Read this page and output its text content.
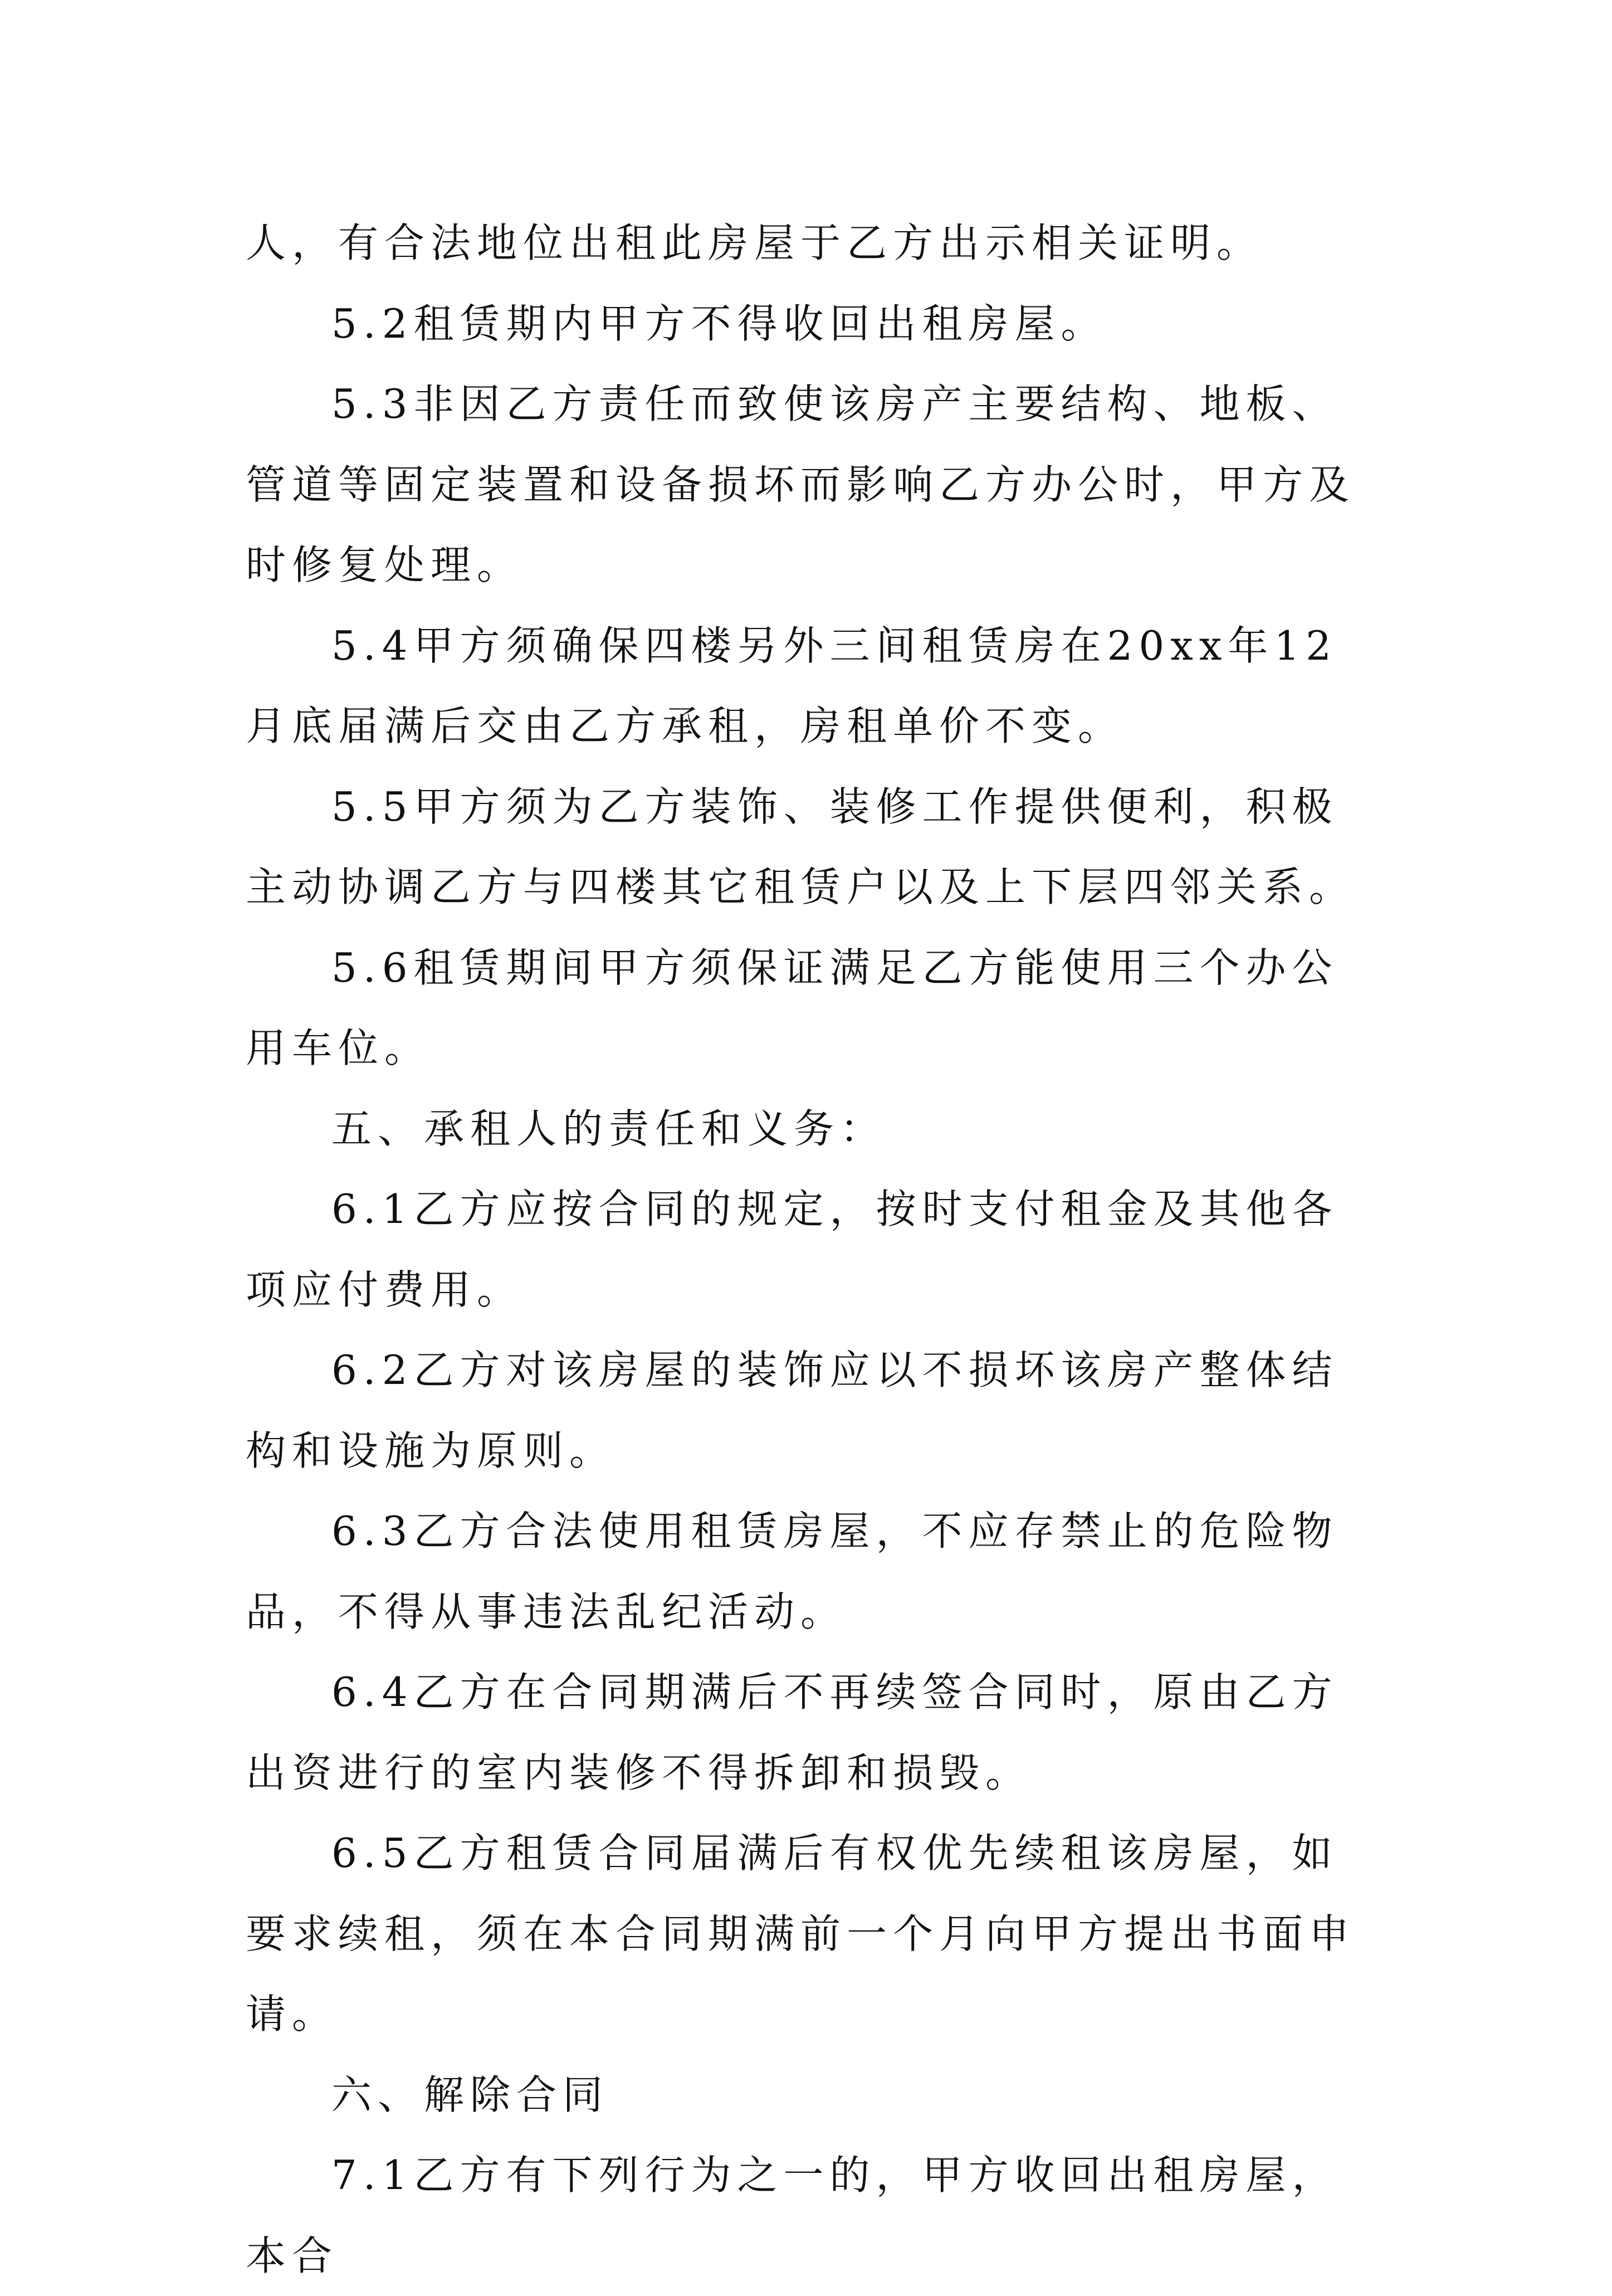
人，有合法地位出租此房屋于乙方出示相关证明。

5.2租赁期内甲方不得收回出租房屋。

5.3非因乙方责任而致使该房产主要结构、地板、管道等固定装置和设备损坏而影响乙方办公时，甲方及时修复处理。

5.4甲方须确保四楼另外三间租赁房在20xx年12月底届满后交由乙方承租，房租单价不变。

5.5甲方须为乙方装饰、装修工作提供便利，积极主动协调乙方与四楼其它租赁户以及上下层四邻关系。

5.6租赁期间甲方须保证满足乙方能使用三个办公用车位。

五、承租人的责任和义务：

6.1乙方应按合同的规定，按时支付租金及其他各项应付费用。

6.2乙方对该房屋的装饰应以不损坏该房产整体结构和设施为原则。

6.3乙方合法使用租赁房屋，不应存禁止的危险物品，不得从事违法乱纪活动。

6.4乙方在合同期满后不再续签合同时，原由乙方出资进行的室内装修不得拆卸和损毁。

6.5乙方租赁合同届满后有权优先续租该房屋，如要求续租，须在本合同期满前一个月向甲方提出书面申请。

六、解除合同

7.1乙方有下列行为之一的，甲方收回出租房屋，本合
